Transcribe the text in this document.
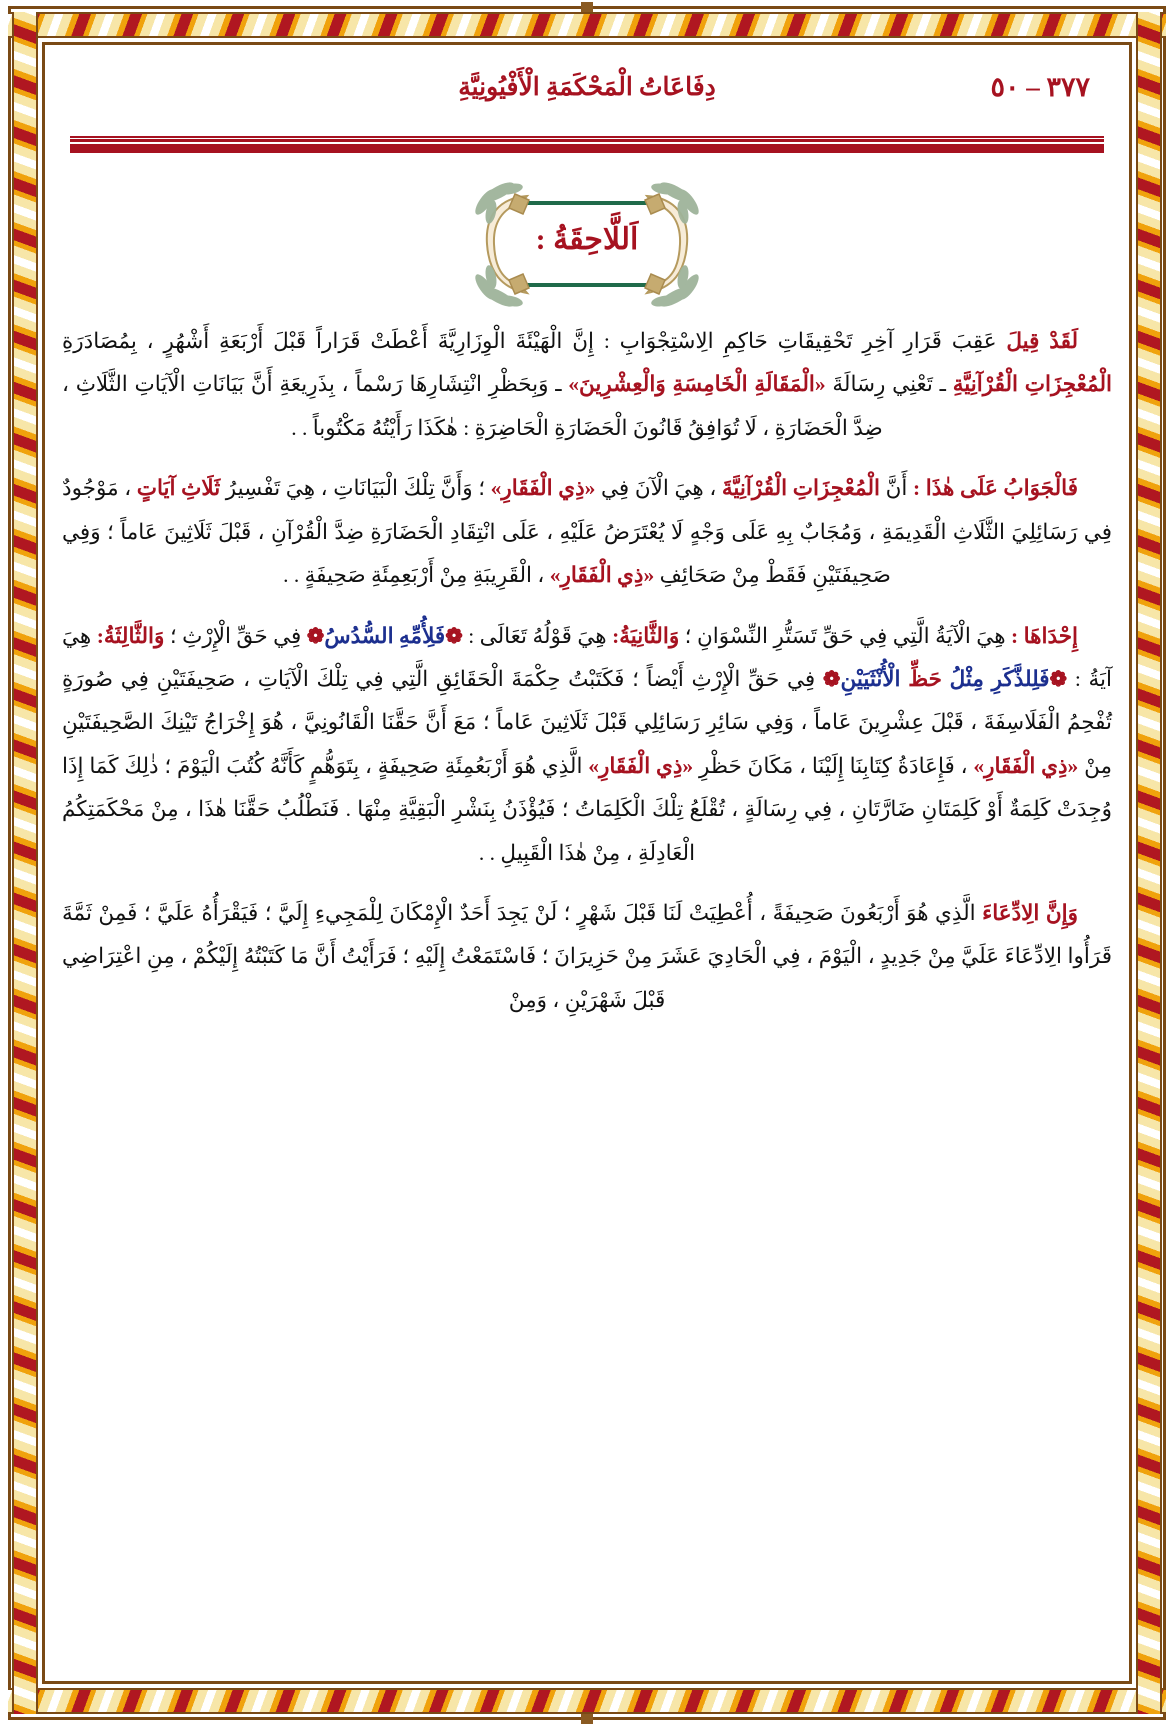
٣٧٧ – ٥٠
دِفَاعَاتُ الْمَحْكَمَةِ الْأَفْيُونِيَّةِ
اَللَّاحِقَةُ :

لَقَدْ قِيلَ عَقِبَ قَرَارِ آخِرِ تَحْقِيقَاتِ حَاكِمِ الِاسْتِجْوَابِ : إِنَّ الْهَيْئَةَ الْوِزَارِيَّةَ أَعْطَتْ قَرَاراً قَبْلَ أَرْبَعَةِ أَشْهُرٍ ، بِمُصَادَرَةِ الْمُعْجِزَاتِ الْقُرْآنِيَّةِ ـ تَعْنِي رِسَالَةَ «الْمَقَالَةِ الْخَامِسَةِ وَالْعِشْرِينَ» ـ وَبِحَظْرِ انْتِشَارِهَا رَسْماً ، بِذَرِيعَةِ أَنَّ بَيَانَاتِ الْآيَاتِ الثَّلَاثِ ، ضِدَّ الْحَضَارَةِ ، لَا تُوَافِقُ قَانُونَ الْحَضَارَةِ الْحَاضِرَةِ : هٰكَذَا رَأَيْتُهُ مَكْتُوباً . .

فَالْجَوَابُ عَلَى هٰذَا : أَنَّ الْمُعْجِزَاتِ الْقُرْآنِيَّةَ ، هِيَ الْآنَ فِي «ذِي الْفَقَارِ» ؛ وَأَنَّ تِلْكَ الْبَيَانَاتِ ، هِيَ تَفْسِيرُ ثَلَاثِ آيَاتٍ ، مَوْجُودٌ فِي رَسَائِلِيَ الثَّلَاثِ الْقَدِيمَةِ ، وَمُجَابٌ بِهِ عَلَى وَجْهٍ لَا يُعْتَرَضُ عَلَيْهِ ، عَلَى انْتِقَادِ الْحَضَارَةِ ضِدَّ الْقُرْآنِ ، قَبْلَ ثَلَاثِينَ عَاماً ؛ وَفِي صَحِيفَتَيْنِ فَقَطْ مِنْ صَحَائِفِ «ذِي الْفَقَارِ» ، الْقَرِيبَةِ مِنْ أَرْبَعِمِئَةِ صَحِيفَةٍ . .

إِحْدَاهَا : هِيَ الْآيَةُ الَّتِي فِي حَقِّ تَسَتُّرِ النِّسْوَانِ ؛ وَالثَّانِيَةُ: هِيَ قَوْلُهُ تَعَالَى : ❁فَلِأُمِّهِ السُّدُسُ❁ فِي حَقِّ الْإِرْثِ ؛ وَالثَّالِثَةُ: هِيَ آيَةُ : ❁فَلِلذَّكَرِ مِثْلُ حَظِّ الْأُنْثَيَيْنِ❁ فِي حَقِّ الْإِرْثِ أَيْضاً ؛ فَكَتَبْتُ حِكْمَةَ الْحَقَائِقِ الَّتِي فِي تِلْكَ الْآيَاتِ ، صَحِيفَتَيْنِ فِي صُورَةٍ تُفْحِمُ الْفَلَاسِفَةَ ، قَبْلَ عِشْرِينَ عَاماً ، وَفِي سَائِرِ رَسَائِلِي قَبْلَ ثَلَاثِينَ عَاماً ؛ مَعَ أَنَّ حَقَّنَا الْقَانُونِيَّ ، هُوَ إِخْرَاجُ تَيْنِكَ الصَّحِيفَتَيْنِ مِنْ «ذِي الْفَقَارِ» ، فَإِعَادَةُ كِتَابِنَا إِلَيْنَا ، مَكَانَ حَظْرِ «ذِي الْفَقَارِ» الَّذِي هُوَ أَرْبَعُمِئَةِ صَحِيفَةٍ ، بِتَوَهُّمٍ كَأَنَّهُ كُتُبَ الْيَوْمَ ؛ ذٰلِكَ كَمَا إِذَا وُجِدَتْ كَلِمَةٌ أَوْ كَلِمَتَانِ ضَارَّتَانِ ، فِي رِسَالَةٍ ، تُقْلَعُ تِلْكَ الْكَلِمَاتُ ؛ فَيُؤْذَنُ بِنَشْرِ الْبَقِيَّةِ مِنْهَا . فَنَطْلُبُ حَقَّنَا هٰذَا ، مِنْ مَحْكَمَتِكُمُ الْعَادِلَةِ ، مِنْ هٰذَا الْقَبِيلِ . .

وَإِنَّ الِادِّعَاءَ الَّذِي هُوَ أَرْبَعُونَ صَحِيفَةً ، أُعْطِيَتْ لَنَا قَبْلَ شَهْرٍ ؛ لَنْ يَجِدَ أَحَدٌ الْإِمْكَانَ لِلْمَجِيءِ إِلَيَّ ؛ فَيَقْرَأُهُ عَلَيَّ ؛ فَمِنْ ثَمَّةَ قَرَأُوا الِادِّعَاءَ عَلَيَّ مِنْ جَدِيدٍ ، الْيَوْمَ ، فِي الْحَادِيَ عَشَرَ مِنْ حَزِيرَانَ ؛ فَاسْتَمَعْتُ إِلَيْهِ ؛ فَرَأَيْتُ أَنَّ مَا كَتَبْتُهُ إِلَيْكُمْ ، مِنِ اعْتِرَاضِي قَبْلَ شَهْرَيْنِ ، وَمِنْ
